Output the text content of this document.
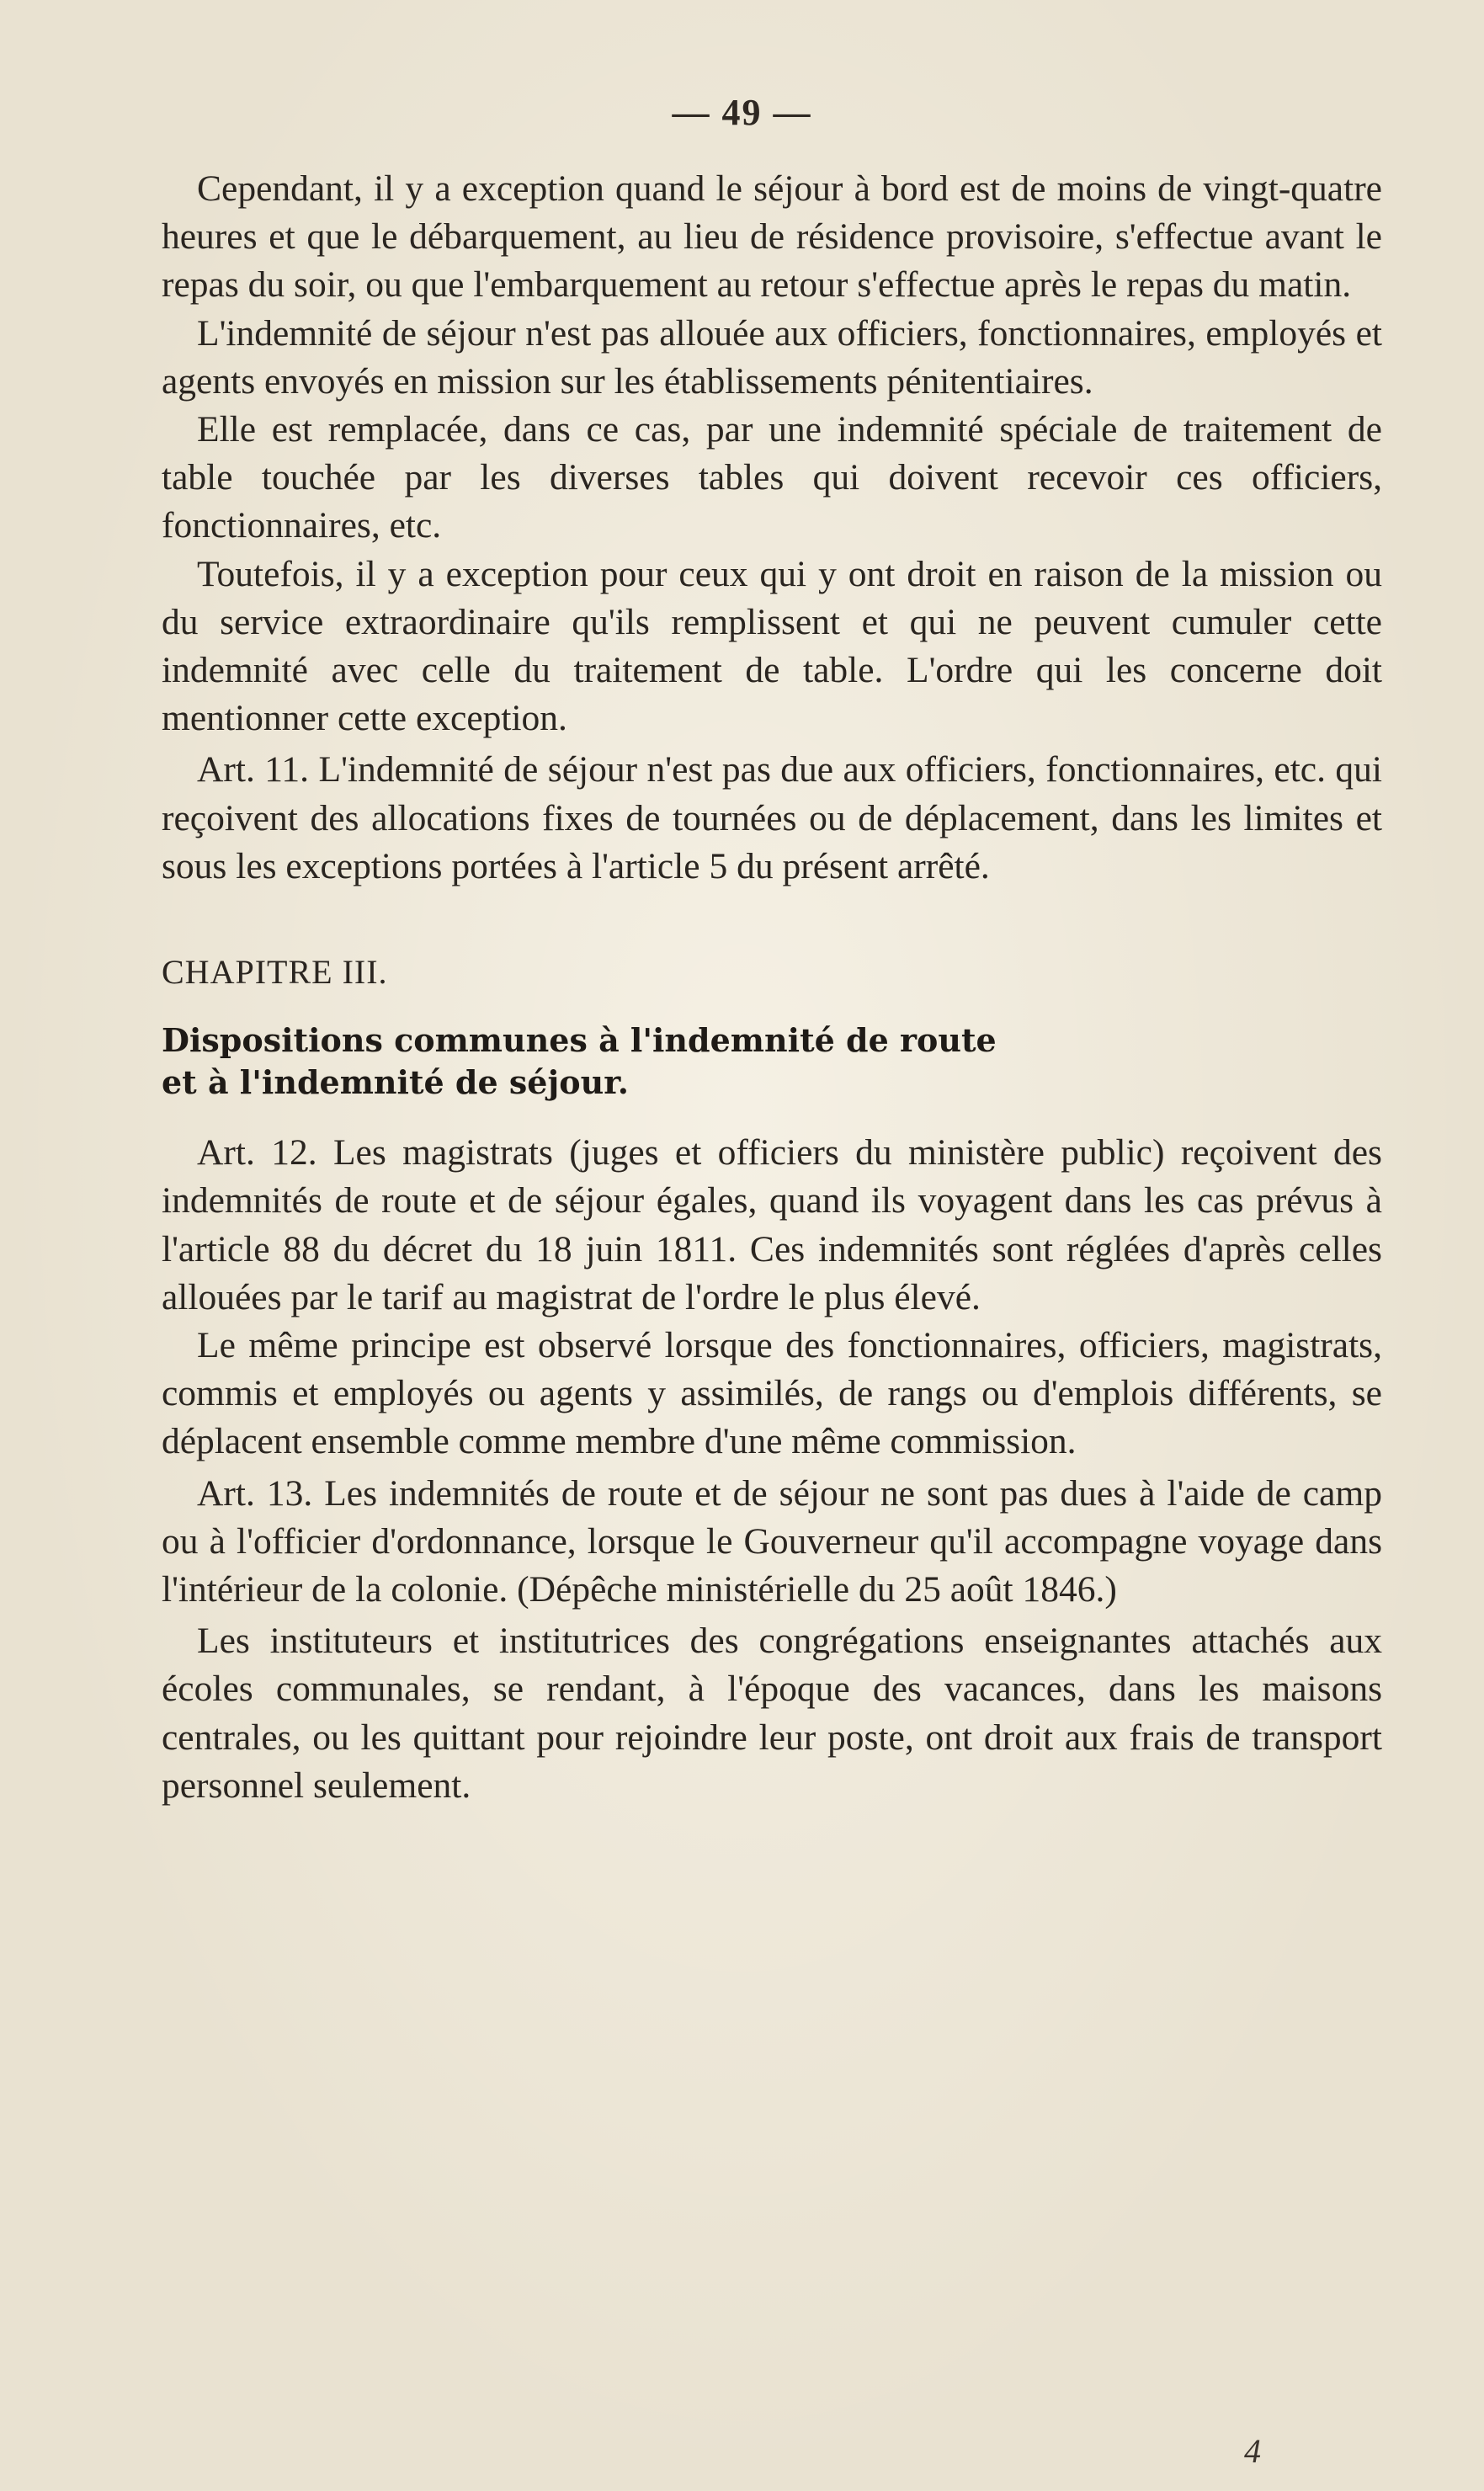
— 49 —

Cependant, il y a exception quand le séjour à bord est de moins de vingt-quatre heures et que le débarquement, au lieu de résidence provisoire, s'effectue avant le repas du soir, ou que l'embarquement au retour s'effectue après le repas du matin.

L'indemnité de séjour n'est pas allouée aux officiers, fonctionnaires, employés et agents envoyés en mission sur les établissements pénitentiaires.

Elle est remplacée, dans ce cas, par une indemnité spéciale de traitement de table touchée par les diverses tables qui doivent recevoir ces officiers, fonctionnaires, etc.

Toutefois, il y a exception pour ceux qui y ont droit en raison de la mission ou du service extraordinaire qu'ils remplissent et qui ne peuvent cumuler cette indemnité avec celle du traitement de table. L'ordre qui les concerne doit mentionner cette exception.

Art. 11. L'indemnité de séjour n'est pas due aux officiers, fonctionnaires, etc. qui reçoivent des allocations fixes de tournées ou de déplacement, dans les limites et sous les exceptions portées à l'article 5 du présent arrêté.

CHAPITRE III.
Dispositions communes à l'indemnité de route
et à l'indemnité de séjour.

Art. 12. Les magistrats (juges et officiers du ministère public) reçoivent des indemnités de route et de séjour égales, quand ils voyagent dans les cas prévus à l'article 88 du décret du 18 juin 1811. Ces indemnités sont réglées d'après celles allouées par le tarif au magistrat de l'ordre le plus élevé.

Le même principe est observé lorsque des fonctionnaires, officiers, magistrats, commis et employés ou agents y assimilés, de rangs ou d'emplois différents, se déplacent ensemble comme membre d'une même commission.

Art. 13. Les indemnités de route et de séjour ne sont pas dues à l'aide de camp ou à l'officier d'ordonnance, lorsque le Gouverneur qu'il accompagne voyage dans l'intérieur de la colonie. (Dépêche ministérielle du 25 août 1846.)

Les instituteurs et institutrices des congrégations enseignantes attachés aux écoles communales, se rendant, à l'époque des vacances, dans les maisons centrales, ou les quittant pour rejoindre leur poste, ont droit aux frais de transport personnel seulement.

4
